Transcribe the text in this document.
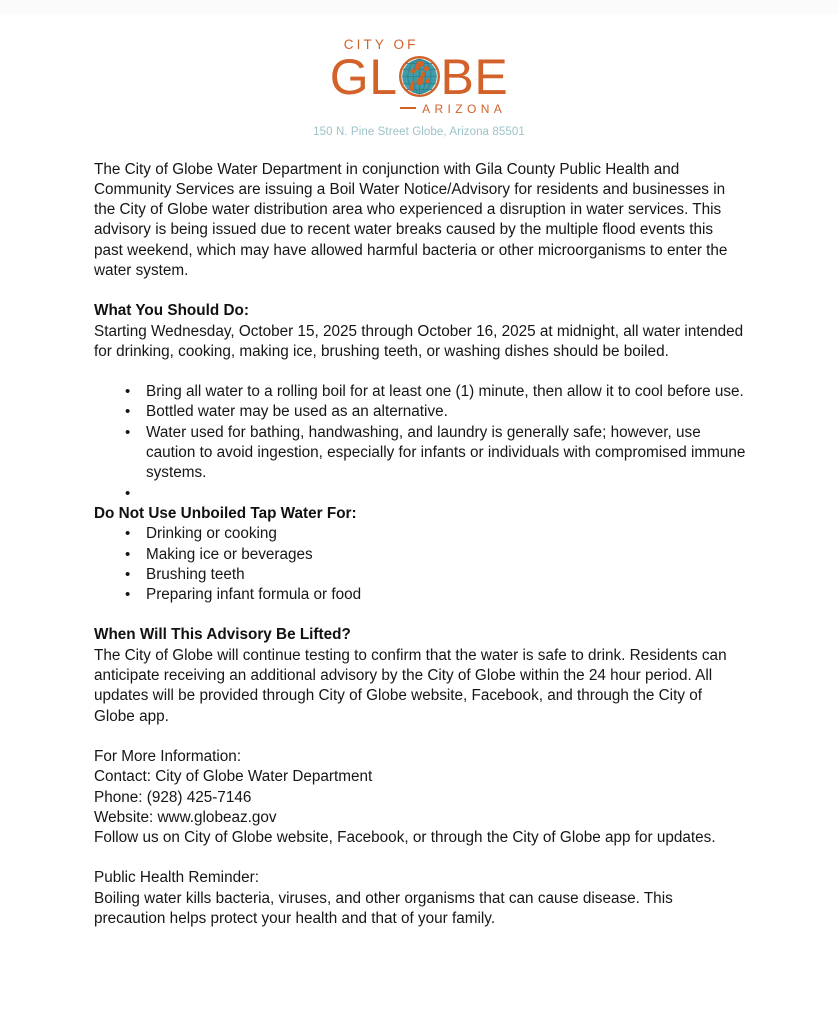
CITY OF
GL BE
ARIZONA
150 N. Pine Street Globe, Arizona 85501

The City of Globe Water Department in conjunction with Gila County Public Health and Community Services are issuing a Boil Water Notice/Advisory for residents and businesses in the City of Globe water distribution area who experienced a disruption in water services. This advisory is being issued due to recent water breaks caused by the multiple flood events this past weekend, which may have allowed harmful bacteria or other microorganisms to enter the water system.

What You Should Do:

Starting Wednesday, October 15, 2025 through October 16, 2025 at midnight, all water intended for drinking, cooking, making ice, brushing teeth, or washing dishes should be boiled.

• Bring all water to a rolling boil for at least one (1) minute, then allow it to cool before use.
• Bottled water may be used as an alternative.
• Water used for bathing, handwashing, and laundry is generally safe; however, use caution to avoid ingestion, especially for infants or individuals with compromised immune systems.
•
Do Not Use Unboiled Tap Water For:
• Drinking or cooking
• Making ice or beverages
• Brushing teeth
• Preparing infant formula or food
When Will This Advisory Be Lifted?

The City of Globe will continue testing to confirm that the water is safe to drink. Residents can anticipate receiving an additional advisory by the City of Globe within the 24 hour period. All updates will be provided through City of Globe website, Facebook, and through the City of Globe app.

For More Information:
Contact: City of Globe Water Department
Phone: (928) 425-7146
Website: www.globeaz.gov
Follow us on City of Globe website, Facebook, or through the City of Globe app for updates.
Public Health Reminder:

Boiling water kills bacteria, viruses, and other organisms that can cause disease. This precaution helps protect your health and that of your family.
